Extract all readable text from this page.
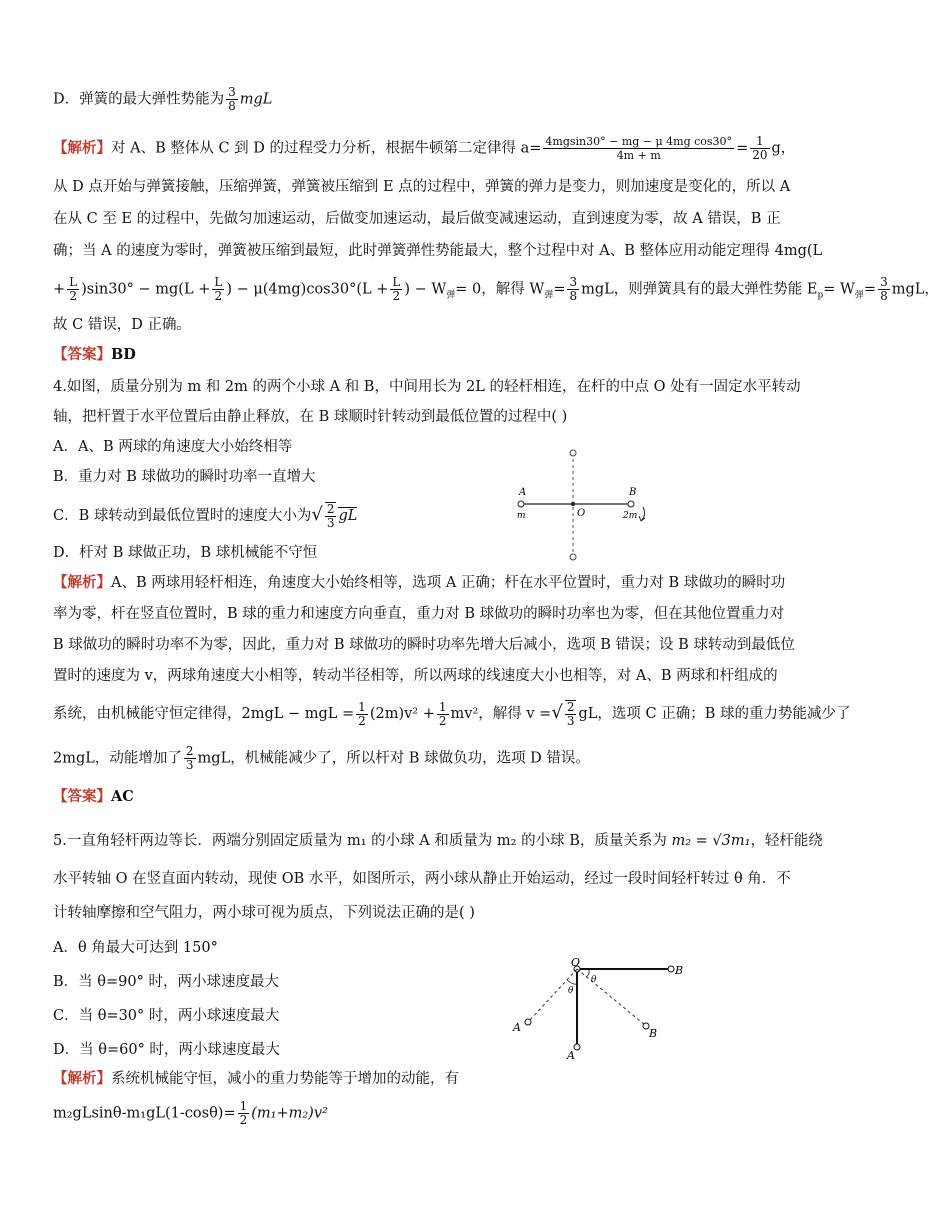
D．弹簧的最大弹性势能为 $\frac{3}{8}$ mgL
【解析】对 A、B 整体从 C 到 D 的过程受力分析，根据牛顿第二定律得 $a= \frac{\text{4mgsin30° − mg − μ 4mg cos30°}}{4m + m} = \frac{1}{20}$ g，
从 D 点开始与弹簧接触，压缩弹簧，弹簧被压缩到 E 点的过程中，弹簧的弹力是变力，则加速度是变化的，所以 A
在从 C 至 E 的过程中，先做匀加速运动，后做变加速运动，最后做变减速运动，直到速度为零，故 A 错误，B 正
确；当 A 的速度为零时，弹簧被压缩到最短，此时弹簧弹性势能最大，整个过程中对 A、B 整体应用动能定理得 4mg(L
+ $\frac{L}{2} )\sin 30^\circ - mg(L + \frac{L}{2}$ ) − $\mu(4mg)\cos 30^\circ(L + \frac{L}{2}$ ) − $W_弹= 0$，解得 $W_弹= \frac{3}{8}$ mgL，则弹簧具有的最大弹性势能 $E_p= W_弹= \frac{3}{8}$ mgL，
故 C 错误，D 正确。
【答案】BD
4.如图，质量分别为 m 和 2m 的两个小球 A 和 B，中间用长为 2L 的轻杆相连，在杆的中点 O 处有一固定水平转动
轴，把杆置于水平位置后由静止释放，在 B 球顺时针转动到最低位置的过程中( )
A．A、B 两球的角速度大小始终相等
B．重力对 B 球做功的瞬时功率一直增大
C．B 球转动到最低位置时的速度大小为√ $\frac{2}{3}$ gL
D．杆对 B 球做正功，B 球机械能不守恒
A	B
O
m	2m
【解析】A、B 两球用轻杆相连，角速度大小始终相等，选项 A 正确；杆在水平位置时，重力对 B 球做功的瞬时功
率为零，杆在竖直位置时，B 球的重力和速度方向垂直，重力对 B 球做功的瞬时功率也为零，但在其他位置重力对
B 球做功的瞬时功率不为零，因此，重力对 B 球做功的瞬时功率先增大后减小，选项 B 错误；设 B 球转动到最低位
置时的速度为 v，两球角速度大小相等，转动半径相等，所以两球的线速度大小也相等，对 A、B 两球和杆组成的
系统，由机械能守恒定律得，2mgL − mgL = $\frac{1}{2} (2m)v^2 + \frac{1}{2} mv^2$，解得 v =√ $\frac{2}{3}$ gL，选项 C 正确；B 球的重力势能减少了
2mgL，动能增加了 $\frac{2}{3}$ mgL，机械能减少了，所以杆对 B 球做负功，选项 D 错误。
【答案】AC
5.一直角轻杆两边等长．两端分别固定质量为 m₁ 的小球 A 和质量为 m₂ 的小球 B，质量关系为 m₂ = √3m₁，轻杆能绕
水平转轴 O 在竖直面内转动，现使 OB 水平，如图所示，两小球从静止开始运动，经过一段时间轻杆转过 θ 角．不
计转轴摩擦和空气阻力，两小球可视为质点，下列说法正确的是( )
A．θ 角最大可达到 150°
B．当 θ=90° 时，两小球速度最大
C．当 θ=30° 时，两小球速度最大
D．当 θ=60° 时，两小球速度最大
O
B
B
A
A
θ
θ
【解析】系统机械能守恒，减小的重力势能等于增加的动能，有
$m_2gLsin\theta-m_1gL(1-\cos\theta)= \frac{1}{2} (m_1+m_2)v^2$
